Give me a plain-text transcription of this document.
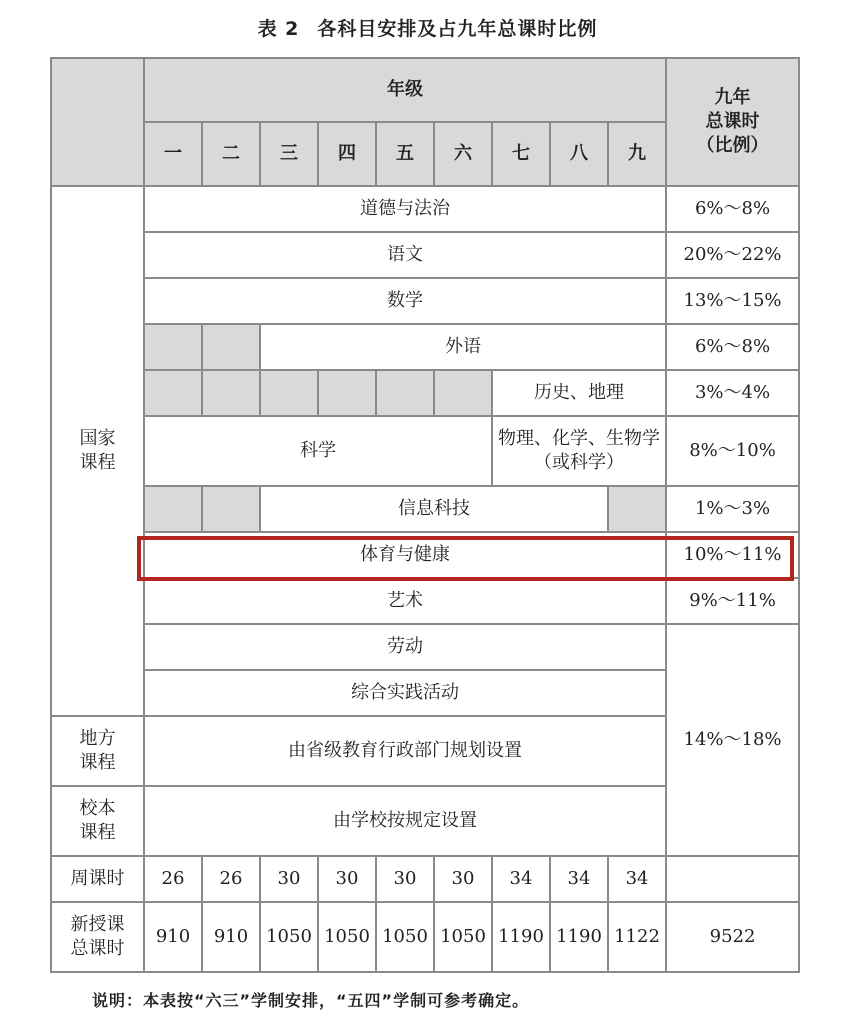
表 2 各科目安排及占九年总课时比例
	年级									九年
总课时
（比例）

	一	二	三	四	五	六	七	八	九	

国家
课程	道德与法治									6%～8%
	语文									20%～22%
	数学									13%～15%
			外语							6%～8%
							历史、地理			3%～4%
	科学						物理、化学、生物学（或科学）			8%～10%
			信息科技							1%～3%
	体育与健康									10%～11%
	艺术									9%～11%
	劳动									14%～18%
	综合实践活动									

地方
课程	由省级教育行政部门规划设置									

校本
课程	由学校按规定设置									
周课时	26	26	30	30	30	30	34	34	34	

新授课
总课时	910	910	1050	1050	1050	1050	1190	1190	1122	9522
说明：本表按“六三”学制安排，“五四”学制可参考确定。
